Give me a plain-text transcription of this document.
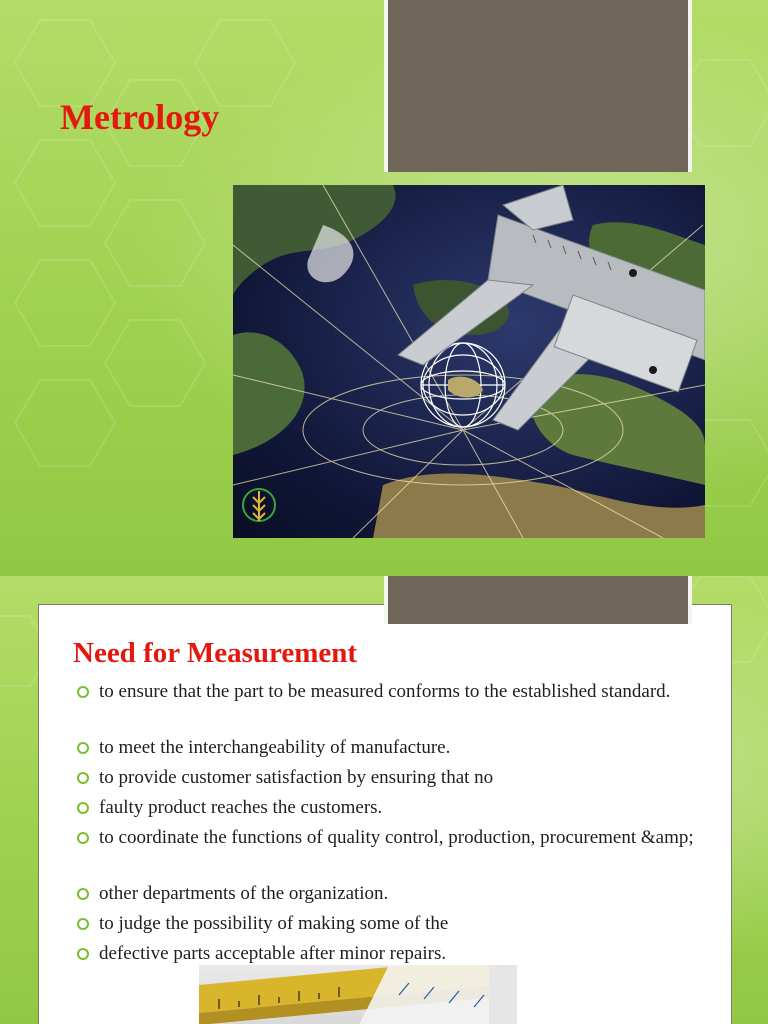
Metrology
Need for Measurement
to ensure that the part to be measured conforms to the established standard.
to meet the interchangeability of manufacture.
to provide customer satisfaction by ensuring that no
faulty product reaches the customers.
to coordinate the functions of quality control, production, procurement &amp;
other departments of the organization.
to judge the possibility of making some of the
defective parts acceptable after minor repairs.
